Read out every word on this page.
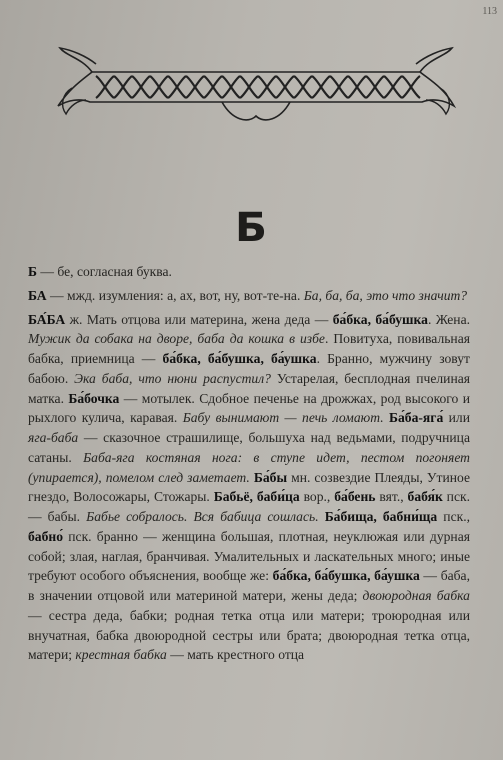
113
Б

Б — бе, согласная буква.

БА — мжд. изумления: а, ах, вот, ну, вот-те-на. Ба, ба, ба, это что значит?

БА́БА ж. Мать отцова или материна, жена деда — ба́бка, ба́бушка. Жена. Мужик да собака на дворе, баба да кошка в избе. Повитуха, повивальная бабка, приемница — ба́бка, ба́бушка, ба́ушка. Бранно, мужчину зовут бабою. Эка баба, что нюни распустил? Устарелая, бесплодная пчелиная матка. Ба́бочка — мотылек. Сдобное печенье на дрожжах, род высокого и рыхлого кулича, каравая. Бабу вынимают — печь ломают. Ба́ба-яга́ или яга-баба — сказочное страшилище, большуха над ведьмами, подручница сатаны. Баба-яга костяная нога: в ступе идет, пестом погоняет (упирается), помелом след заметает. Ба́бы мн. созвездие Плеяды, Утиное гнездо, Волосожары, Стожары. Бабьё, баби́ца вор., ба́бень вят., бабя́к пск. — бабы. Бабье собралось. Вся бабица сошлась. Ба́бища, бабни́ща пск., бабно́ пск. бранно — женщина большая, плотная, неуклюжая или дурная собой; злая, наглая, бранчивая. Умалительных и ласкательных много; иные требуют особого объяснения, вообще же: ба́бка, ба́бушка, ба́ушка — баба, в значении отцовой или материной матери, жены деда; двоюродная бабка — сестра деда, бабки; родная тетка отца или матери; троюродная или внучатная, бабка двоюродной сестры или брата; двоюродная тетка отца, матери; крестная бабка — мать крестного отца
